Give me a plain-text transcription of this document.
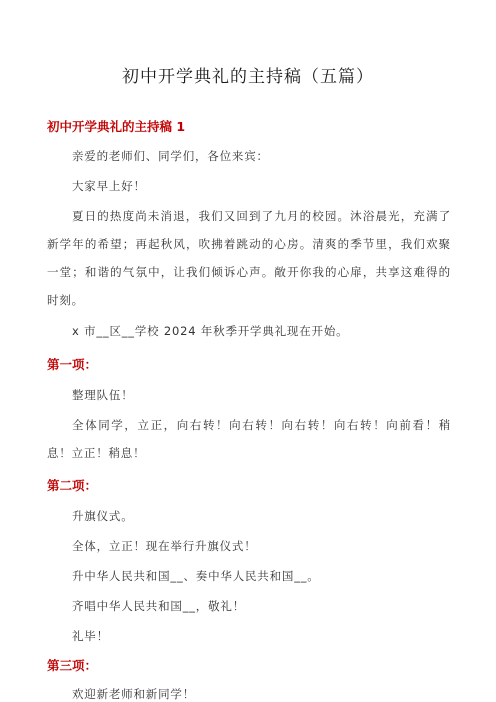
初中开学典礼的主持稿（五篇）
初中开学典礼的主持稿 1
亲爱的老师们、同学们，各位来宾：
大家早上好！
夏日的热度尚未消退，我们又回到了九月的校园。沐浴晨光，充满了
新学年的希望；再起秋风，吹拂着跳动的心房。清爽的季节里，我们欢聚
一堂；和谐的气氛中，让我们倾诉心声。敞开你我的心扉，共享这难得的
时刻。
x 市__区__学校 2024 年秋季开学典礼现在开始。
第一项：
整理队伍！
全体同学，立正，向右转！向右转！向右转！向右转！向前看！稍
息！立正！稍息！
第二项：
升旗仪式。
全体，立正！现在举行升旗仪式！
升中华人民共和国__、奏中华人民共和国__。
齐唱中华人民共和国__，敬礼！
礼毕！
第三项：
欢迎新老师和新同学！
